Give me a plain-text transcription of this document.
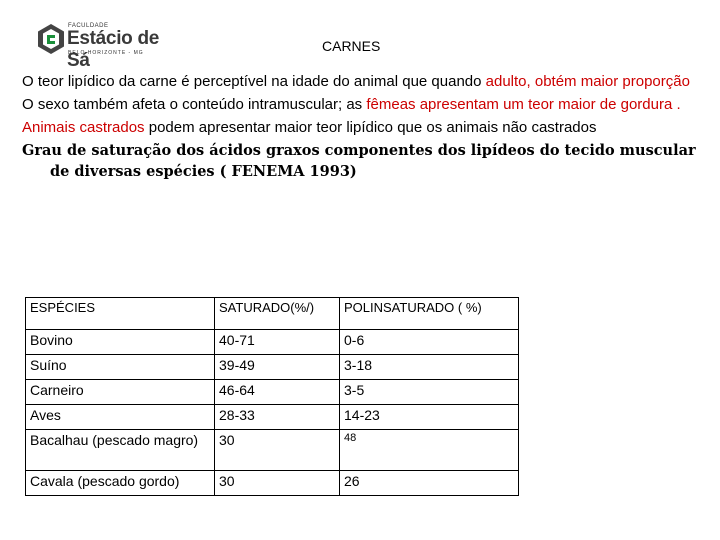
FACULDADE
Estácio de Sá
BELO HORIZONTE - MG	CARNES

O teor lipídico da carne é perceptível na idade do animal que quando adulto, obtém maior proporção

O sexo também afeta o conteúdo intramuscular; as fêmeas apresentam um teor maior de gordura .

Animais castrados podem apresentar maior teor lipídico que os animais não castrados

Grau de saturação dos ácidos graxos componentes dos lipídeos do tecido muscular de diversas espécies ( FENEMA 1993)

ESPÉCIES	SATURADO(%/)	POLINSATURADO ( %)
Bovino	40-71	0-6
Suíno	39-49	3-18
Carneiro	46-64	3-5
Aves	28-33	14-23
Bacalhau (pescado magro)	30	48
Cavala (pescado gordo)	30	26
